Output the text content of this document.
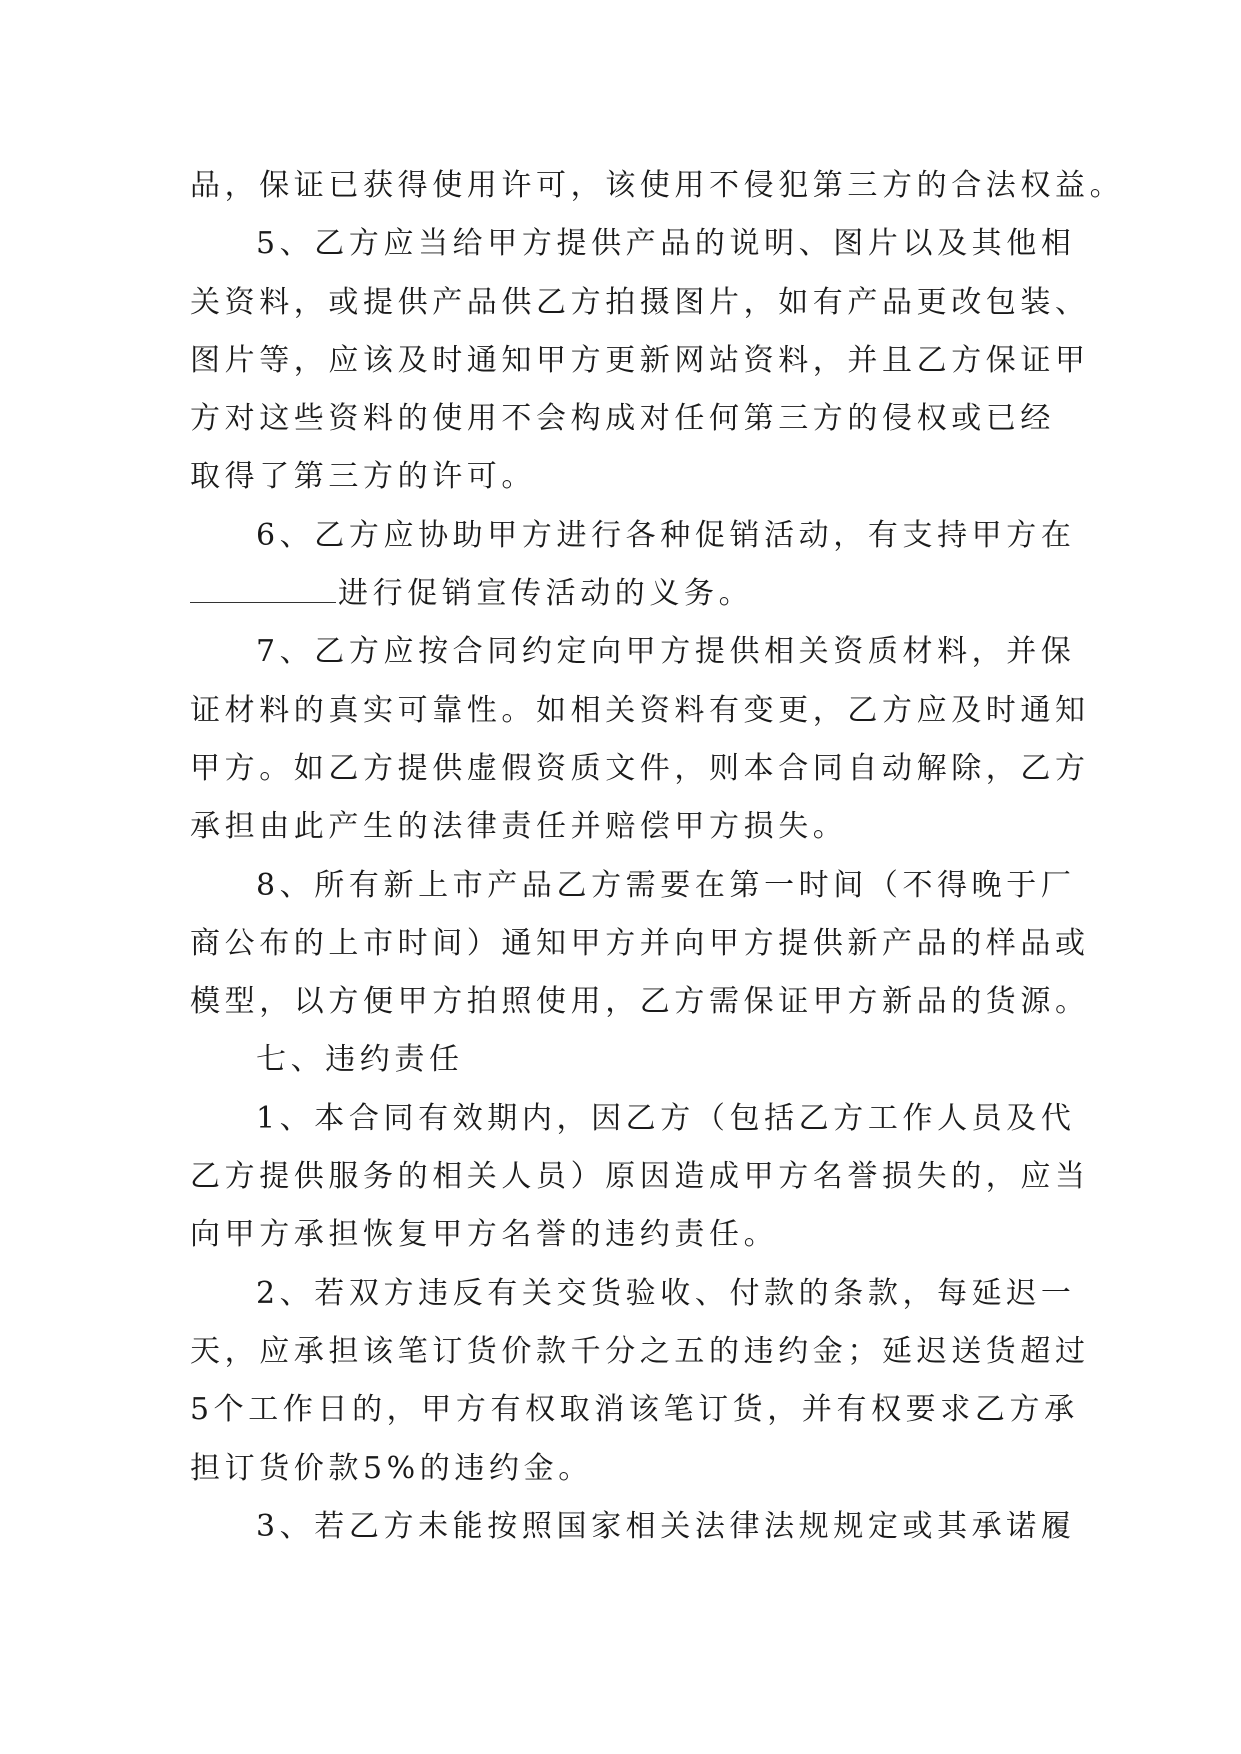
品，保证已获得使用许可，该使用不侵犯第三方的合法权益。
5、乙方应当给甲方提供产品的说明、图片以及其他相
关资料，或提供产品供乙方拍摄图片，如有产品更改包装、
图片等，应该及时通知甲方更新网站资料，并且乙方保证甲
方对这些资料的使用不会构成对任何第三方的侵权或已经
取得了第三方的许可。
6、乙方应协助甲方进行各种促销活动，有支持甲方在
进行促销宣传活动的义务。
7、乙方应按合同约定向甲方提供相关资质材料，并保
证材料的真实可靠性。如相关资料有变更，乙方应及时通知
甲方。如乙方提供虚假资质文件，则本合同自动解除，乙方
承担由此产生的法律责任并赔偿甲方损失。
8、所有新上市产品乙方需要在第一时间（不得晚于厂
商公布的上市时间）通知甲方并向甲方提供新产品的样品或
模型，以方便甲方拍照使用，乙方需保证甲方新品的货源。
七、违约责任
1、本合同有效期内，因乙方（包括乙方工作人员及代
乙方提供服务的相关人员）原因造成甲方名誉损失的，应当
向甲方承担恢复甲方名誉的违约责任。
2、若双方违反有关交货验收、付款的条款，每延迟一
天，应承担该笔订货价款千分之五的违约金；延迟送货超过
5个工作日的，甲方有权取消该笔订货，并有权要求乙方承
担订货价款5%的违约金。
3、若乙方未能按照国家相关法律法规规定或其承诺履
